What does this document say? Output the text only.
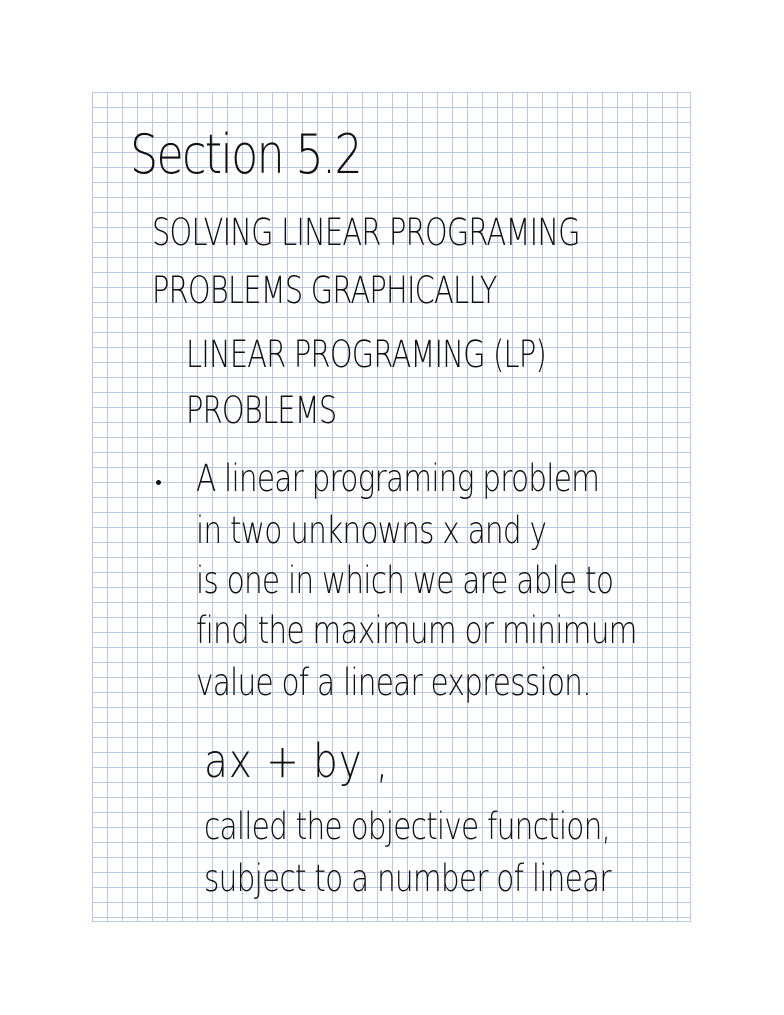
Section 5.2
SOLVING LINEAR PROGRAMING
PROBLEMS GRAPHICALLY
LINEAR PROGRAMING (LP)
PROBLEMS
A linear programing problem
in two unknowns x and y
is one in which we are able to
find the maximum or minimum
value of a linear expression.
ax + by ,
called the objective function,
subject to a number of linear
